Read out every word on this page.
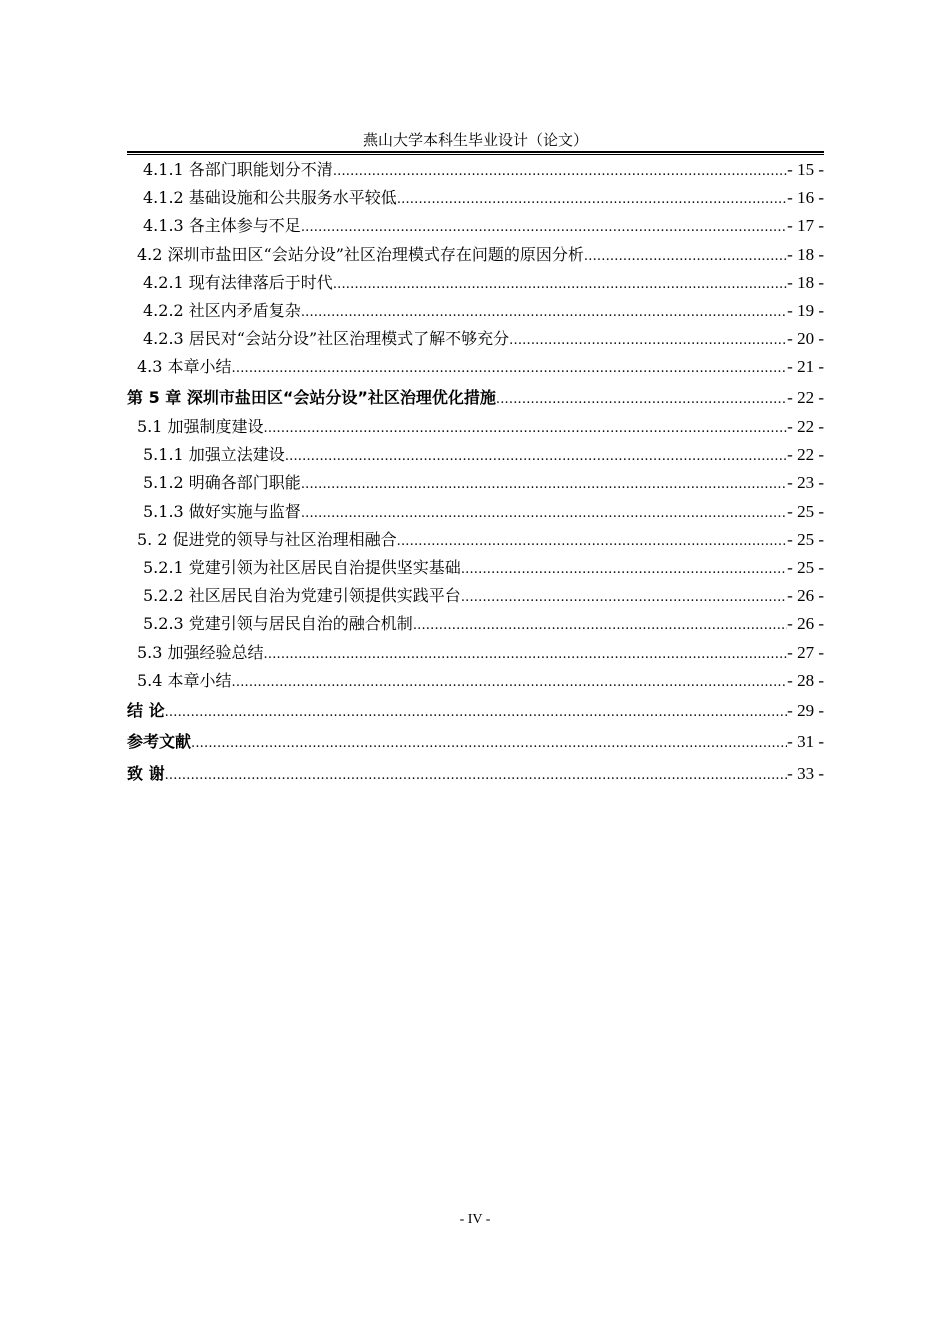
燕山大学本科生毕业设计（论文）
4.1.1 各部门职能划分不清 .....	- 15 -
4.1.2 基础设施和公共服务水平较低 .....	- 16 -
4.1.3 各主体参与不足 .....	- 17 -
4.2 深圳市盐田区“会站分设”社区治理模式存在问题的原因分析 .....	- 18 -
4.2.1 现有法律落后于时代 .....	- 18 -
4.2.2 社区内矛盾复杂 .....	- 19 -
4.2.3 居民对“会站分设”社区治理模式了解不够充分 .....	- 20 -
4.3 本章小结 .....	- 21 -
第 5 章 深圳市盐田区“会站分设”社区治理优化措施 .....	- 22 -
5.1 加强制度建设 .....	- 22 -
5.1.1 加强立法建设 .....	- 22 -
5.1.2 明确各部门职能 .....	- 23 -
5.1.3 做好实施与监督 .....	- 25 -
5. 2 促进党的领导与社区治理相融合 .....	- 25 -
5.2.1 党建引领为社区居民自治提供坚实基础 .....	- 25 -
5.2.2 社区居民自治为党建引领提供实践平台 .....	- 26 -
5.2.3 党建引领与居民自治的融合机制 .....	- 26 -
5.3 加强经验总结 .....	- 27 -
5.4 本章小结 .....	- 28 -
结 论 .....	- 29 -
参考文献 .....	- 31 -
致 谢 .....	- 33 -
- IV -
